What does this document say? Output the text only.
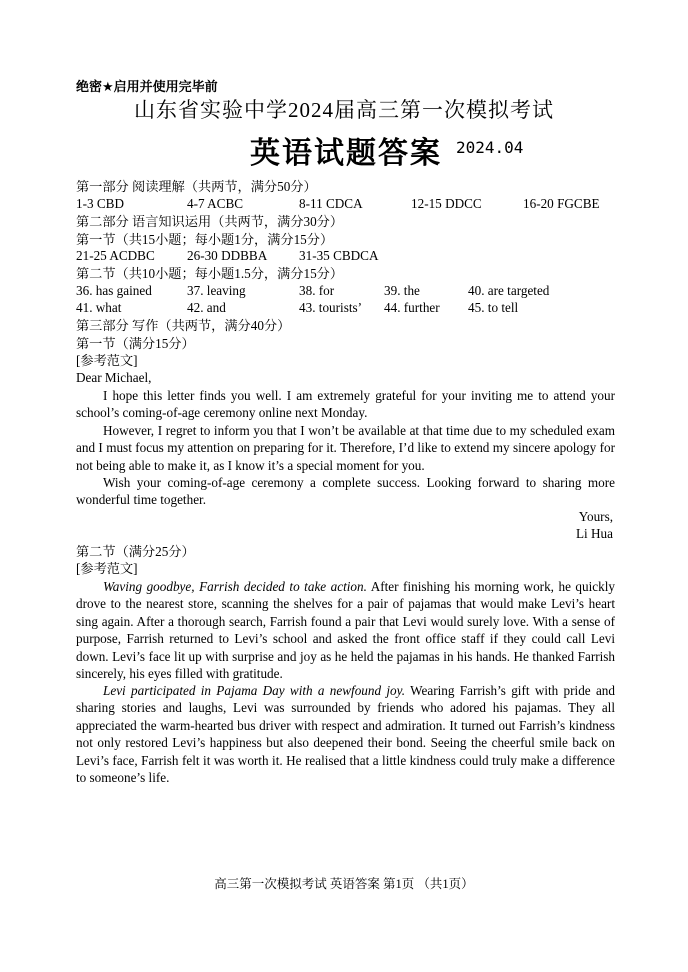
绝密★启用并使用完毕前
山东省实验中学2024届高三第一次模拟考试
英语试题答案 2024.04
第一部分 阅读理解（共两节，满分50分）
1-3 CBD	4-7 ACBC	8-11 CDCA	12-15 DDCC	16-20 FGCBE
第二部分 语言知识运用（共两节，满分30分）
第一节（共15小题；每小题1分，满分15分）
21-25 ACDBC 26-30 DDBBA 31-35 CBDCA
第二节（共10小题；每小题1.5分，满分15分）
36. has gained	37. leaving	38. for	39. the	40. are targeted
41. what	42. and	43. tourists’ 44. further 45. to tell
第三部分 写作（共两节，满分40分）
第一节（满分15分）
[参考范文]
Dear Michael,

I hope this letter finds you well. I am extremely grateful for your inviting me to attend your school’s coming-of-age ceremony online next Monday.

However, I regret to inform you that I won’t be available at that time due to my scheduled exam and I must focus my attention on preparing for it. Therefore, I’d like to extend my sincere apology for not being able to make it, as I know it’s a special moment for you.

Wish your coming-of-age ceremony a complete success. Looking forward to sharing more wonderful time together.

Yours,
Li Hua
第二节（满分25分）
[参考范文]

Waving goodbye, Farrish decided to take action. After finishing his morning work, he quickly drove to the nearest store, scanning the shelves for a pair of pajamas that would make Levi’s heart sing again. After a thorough search, Farrish found a pair that Levi would surely love. With a sense of purpose, Farrish returned to Levi’s school and asked the front office staff if they could call Levi down. Levi’s face lit up with surprise and joy as he held the pajamas in his hands. He thanked Farrish sincerely, his eyes filled with gratitude.

Levi participated in Pajama Day with a newfound joy. Wearing Farrish’s gift with pride and sharing stories and laughs, Levi was surrounded by friends who adored his pajamas. They all appreciated the warm-hearted bus driver with respect and admiration. It turned out Farrish’s kindness not only restored Levi’s happiness but also deepened their bond. Seeing the cheerful smile back on Levi’s face, Farrish felt it was worth it. He realised that a little kindness could truly make a difference to someone’s life.

高三第一次模拟考试 英语答案 第1页 （共1页）
